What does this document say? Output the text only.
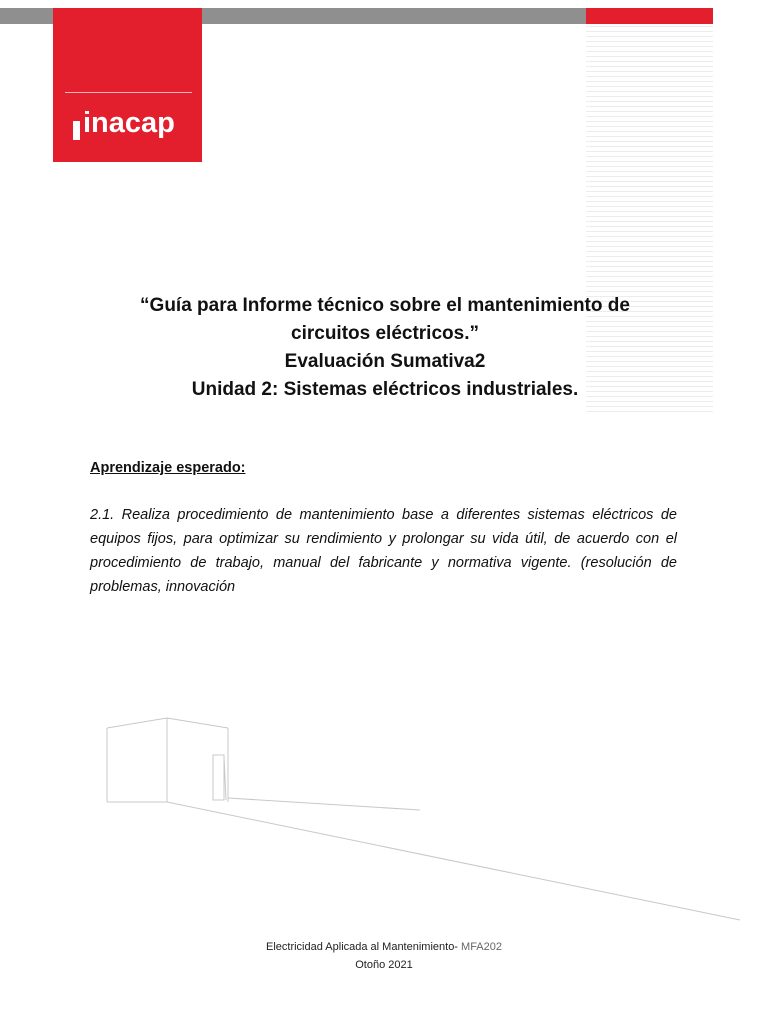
inacap
“Guía para Informe técnico sobre el mantenimiento de
circuitos eléctricos.”
Evaluación Sumativa2
Unidad 2: Sistemas eléctricos industriales.
Aprendizaje esperado:
2.1. Realiza procedimiento de mantenimiento base a diferentes sistemas eléctricos de equipos fijos, para optimizar su rendimiento y prolongar su vida útil, de acuerdo con el procedimiento de trabajo, manual del fabricante y normativa vigente. (resolución de problemas, innovación
Electricidad Aplicada al Mantenimiento- MFA202
Otoño 2021
